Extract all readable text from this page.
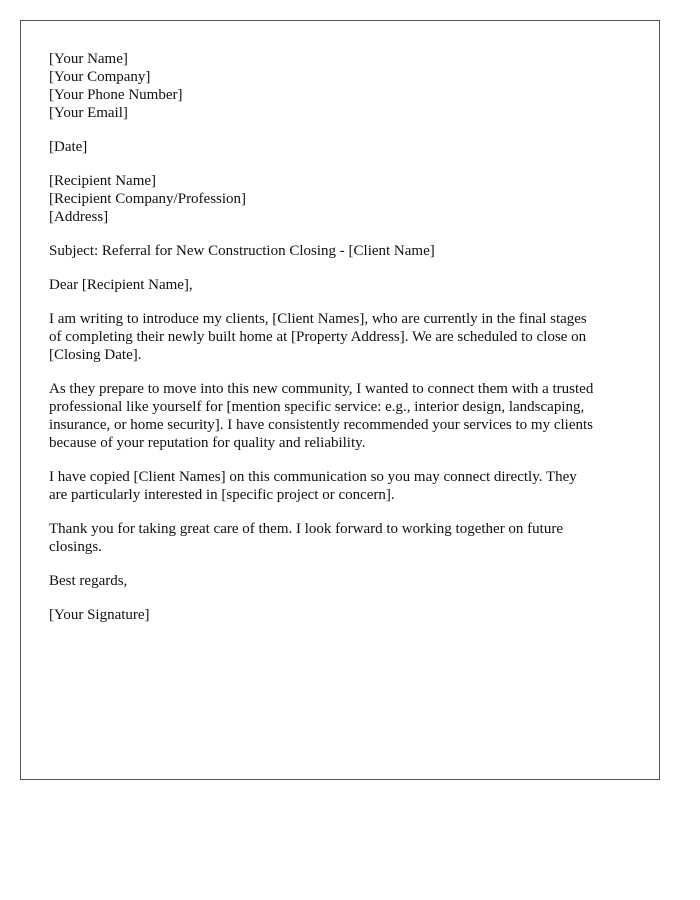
[Your Name]
[Your Company]
[Your Phone Number]
[Your Email]
[Date]
[Recipient Name]
[Recipient Company/Profession]
[Address]
Subject: Referral for New Construction Closing - [Client Name]
Dear [Recipient Name],
I am writing to introduce my clients, [Client Names], who are currently in the final stages
of completing their newly built home at [Property Address]. We are scheduled to close on
[Closing Date].
As they prepare to move into this new community, I wanted to connect them with a trusted
professional like yourself for [mention specific service: e.g., interior design, landscaping,
insurance, or home security]. I have consistently recommended your services to my clients
because of your reputation for quality and reliability.
I have copied [Client Names] on this communication so you may connect directly. They
are particularly interested in [specific project or concern].
Thank you for taking great care of them. I look forward to working together on future
closings.
Best regards,
[Your Signature]
